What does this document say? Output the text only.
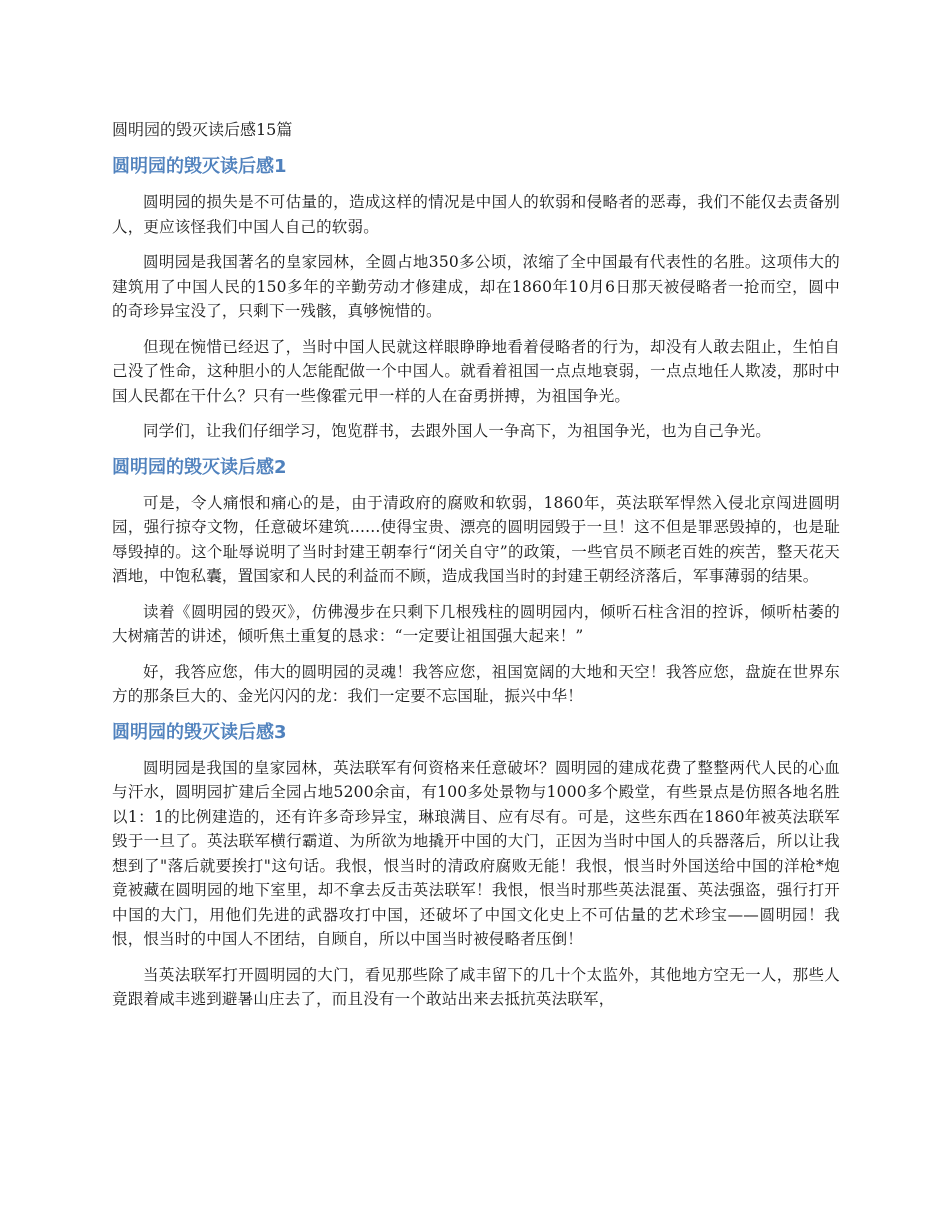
圆明园的毁灭读后感15篇
圆明园的毁灭读后感1

圆明园的损失是不可估量的，造成这样的情况是中国人的软弱和侵略者的恶毒，我们不能仅去责备别人，更应该怪我们中国人自己的软弱。

圆明园是我国著名的皇家园林，全圆占地350多公顷，浓缩了全中国最有代表性的名胜。这项伟大的建筑用了中国人民的150多年的辛勤劳动才修建成，却在1860年10月6日那天被侵略者一抢而空，圆中的奇珍异宝没了，只剩下一残骸，真够惋惜的。

但现在惋惜已经迟了，当时中国人民就这样眼睁睁地看着侵略者的行为，却没有人敢去阻止，生怕自己没了性命，这种胆小的人怎能配做一个中国人。就看着祖国一点点地衰弱，一点点地任人欺凌，那时中国人民都在干什么？只有一些像霍元甲一样的人在奋勇拼搏，为祖国争光。

同学们，让我们仔细学习，饱览群书，去跟外国人一争高下，为祖国争光，也为自己争光。

圆明园的毁灭读后感2

可是，令人痛恨和痛心的是，由于清政府的腐败和软弱，1860年，英法联军悍然入侵北京闯进圆明园，强行掠夺文物，任意破坏建筑......使得宝贵、漂亮的圆明园毁于一旦！这不但是罪恶毁掉的，也是耻辱毁掉的。这个耻辱说明了当时封建王朝奉行“闭关自守”的政策，一些官员不顾老百姓的疾苦，整天花天酒地，中饱私囊，置国家和人民的利益而不顾，造成我国当时的封建王朝经济落后，军事薄弱的结果。

读着《圆明园的毁灭》，仿佛漫步在只剩下几根残柱的圆明园内，倾听石柱含泪的控诉，倾听枯萎的大树痛苦的讲述，倾听焦土重复的恳求：“一定要让祖国强大起来！”

好，我答应您，伟大的圆明园的灵魂！我答应您，祖国宽阔的大地和天空！我答应您，盘旋在世界东方的那条巨大的、金光闪闪的龙：我们一定要不忘国耻，振兴中华！

圆明园的毁灭读后感3

圆明园是我国的皇家园林，英法联军有何资格来任意破坏？圆明园的建成花费了整整两代人民的心血与汗水，圆明园扩建后全园占地5200余亩，有100多处景物与1000多个殿堂，有些景点是仿照各地名胜以1：1的比例建造的，还有许多奇珍异宝，琳琅满目、应有尽有。可是，这些东西在1860年被英法联军毁于一旦了。英法联军横行霸道、为所欲为地撬开中国的大门，正因为当时中国人的兵器落后，所以让我想到了"落后就要挨打"这句话。我恨，恨当时的清政府腐败无能！我恨，恨当时外国送给中国的洋枪*炮竟被藏在圆明园的地下室里，却不拿去反击英法联军！我恨，恨当时那些英法混蛋、英法强盗，强行打开中国的大门，用他们先进的武器攻打中国，还破坏了中国文化史上不可估量的艺术珍宝——圆明园！我恨，恨当时的中国人不团结，自顾自，所以中国当时被侵略者压倒！

当英法联军打开圆明园的大门，看见那些除了咸丰留下的几十个太监外，其他地方空无一人，那些人竟跟着咸丰逃到避暑山庄去了，而且没有一个敢站出来去抵抗英法联军，
